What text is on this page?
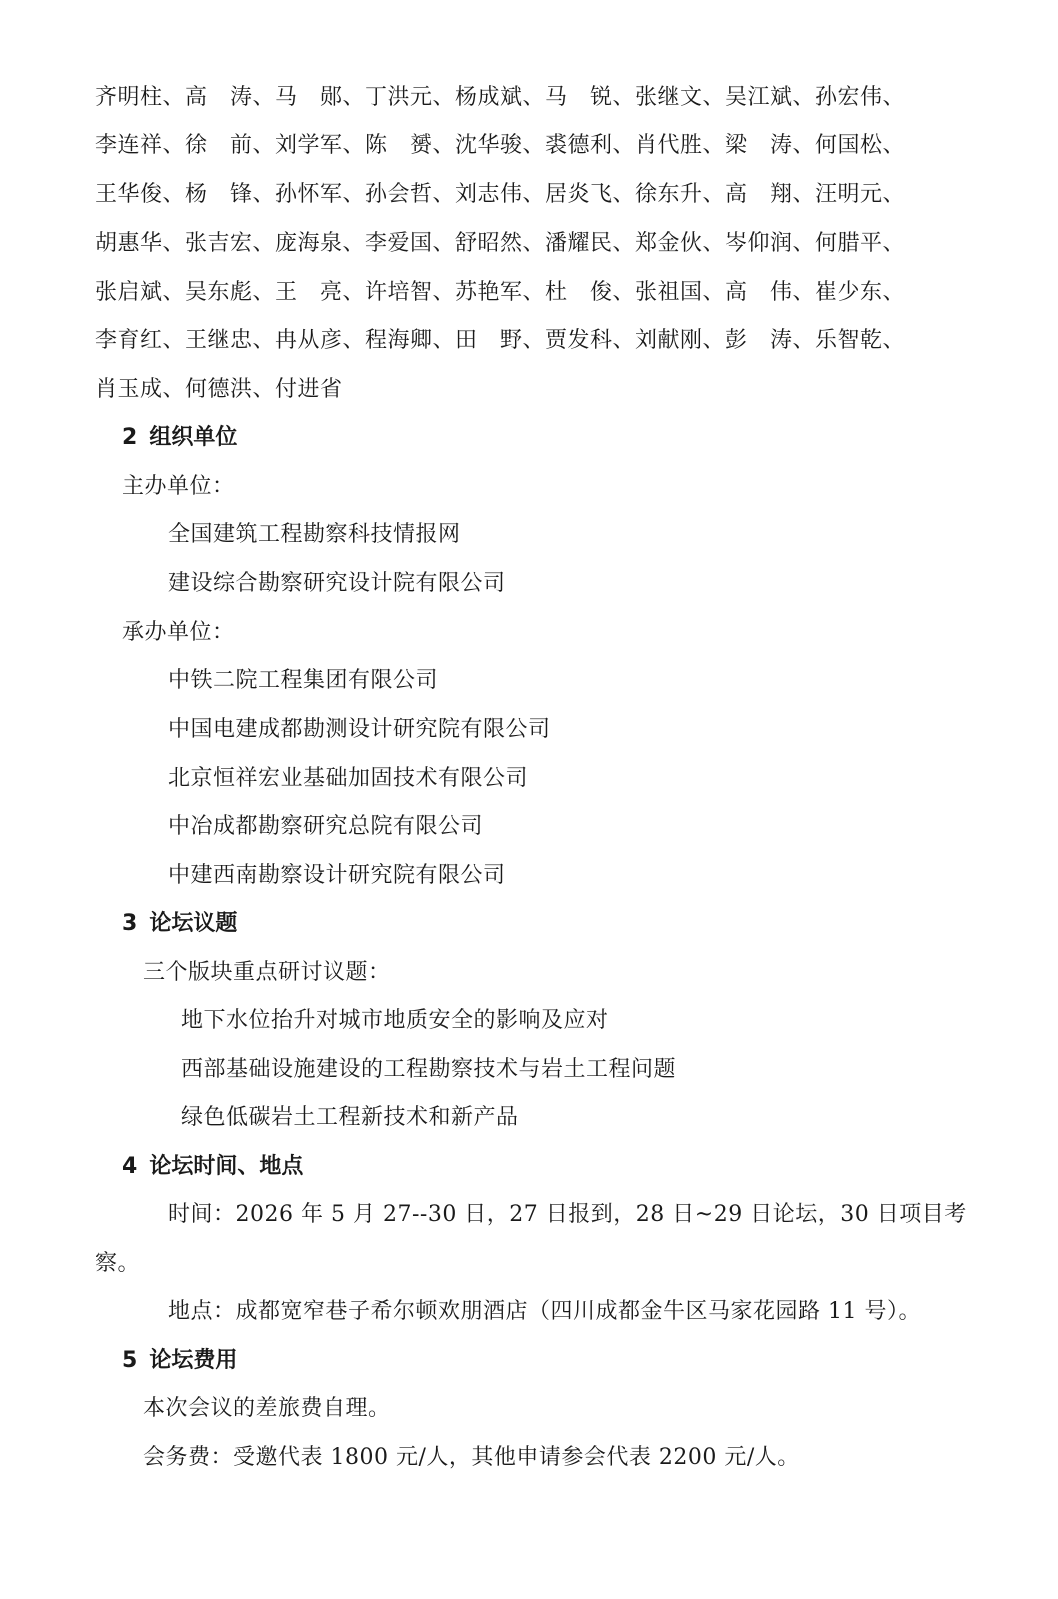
齐明柱、高　涛、马　郧、丁洪元、杨成斌、马　锐、张继文、吴江斌、孙宏伟、
李连祥、徐　前、刘学军、陈　赟、沈华骏、裘德利、肖代胜、梁　涛、何国松、
王华俊、杨　锋、孙怀军、孙会哲、刘志伟、居炎飞、徐东升、高　翔、汪明元、
胡惠华、张吉宏、庞海泉、李爱国、舒昭然、潘耀民、郑金伙、岑仰润、何腊平、
张启斌、吴东彪、王　亮、许培智、苏艳军、杜　俊、张祖国、高　伟、崔少东、
李育红、王继忠、冉从彦、程海卿、田　野、贾发科、刘献刚、彭　涛、乐智乾、
肖玉成、何德洪、付进省
2 组织单位
主办单位：
全国建筑工程勘察科技情报网
建设综合勘察研究设计院有限公司
承办单位：
中铁二院工程集团有限公司
中国电建成都勘测设计研究院有限公司
北京恒祥宏业基础加固技术有限公司
中冶成都勘察研究总院有限公司
中建西南勘察设计研究院有限公司
3 论坛议题
三个版块重点研讨议题：
地下水位抬升对城市地质安全的影响及应对
西部基础设施建设的工程勘察技术与岩土工程问题
绿色低碳岩土工程新技术和新产品
4 论坛时间、地点
时间：2026 年 5 月 27--30 日，27 日报到，28 日~29 日论坛，30 日项目考
察。
地点：成都宽窄巷子希尔顿欢朋酒店（四川成都金牛区马家花园路 11 号）。
5 论坛费用
本次会议的差旅费自理。
会务费：受邀代表 1800 元/人，其他申请参会代表 2200 元/人。
